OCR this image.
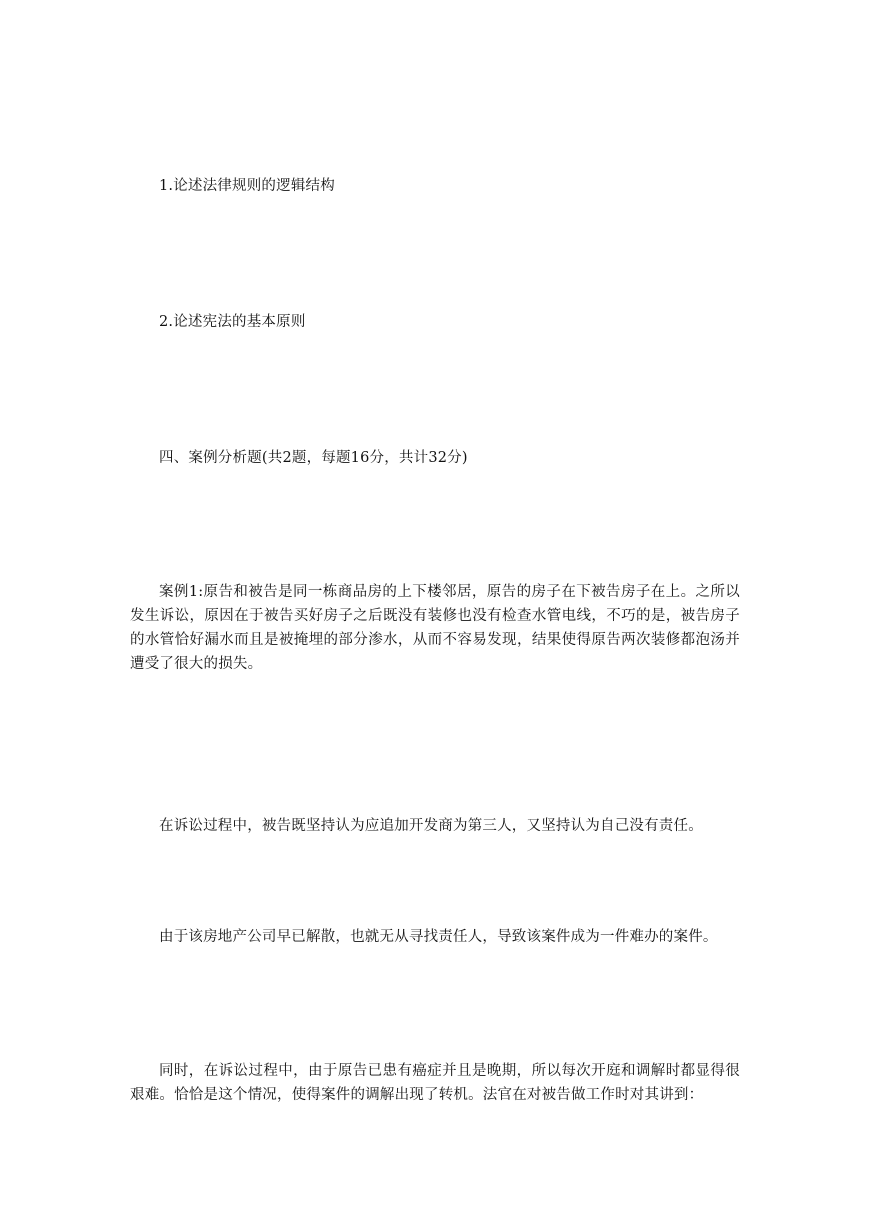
1.论述法律规则的逻辑结构

2.论述宪法的基本原则

四、案例分析题(共2题，每题16分，共计32分)

案例1:原告和被告是同一栋商品房的上下楼邻居，原告的房子在下被告房子在上。之所以发生诉讼，原因在于被告买好房子之后既没有装修也没有检查水管电线，不巧的是，被告房子的水管恰好漏水而且是被掩埋的部分渗水，从而不容易发现，结果使得原告两次装修都泡汤并遭受了很大的损失。

在诉讼过程中，被告既坚持认为应追加开发商为第三人，又坚持认为自己没有责任。

由于该房地产公司早已解散，也就无从寻找责任人，导致该案件成为一件难办的案件。

同时，在诉讼过程中，由于原告已患有癌症并且是晚期，所以每次开庭和调解时都显得很艰难。恰恰是这个情况，使得案件的调解出现了转机。法官在对被告做工作时对其讲到：
